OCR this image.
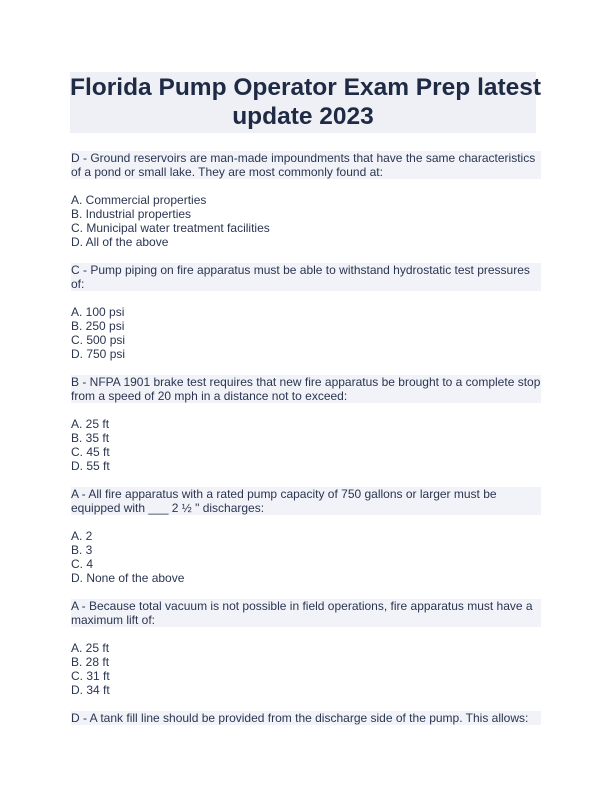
Florida Pump Operator Exam Prep latest
update 2023
D - Ground reservoirs are man-made impoundments that have the same characteristics of a pond or small lake. They are most commonly found at:
A. Commercial properties
B. Industrial properties
C. Municipal water treatment facilities
D. All of the above
C - Pump piping on fire apparatus must be able to withstand hydrostatic test pressures of:
A. 100 psi
B. 250 psi
C. 500 psi
D. 750 psi
B - NFPA 1901 brake test requires that new fire apparatus be brought to a complete stop from a speed of 20 mph in a distance not to exceed:
A. 25 ft
B. 35 ft
C. 45 ft
D. 55 ft
A - All fire apparatus with a rated pump capacity of 750 gallons or larger must be equipped with ___ 2 ½ " discharges:
A. 2
B. 3
C. 4
D. None of the above
A - Because total vacuum is not possible in field operations, fire apparatus must have a maximum lift of:
A. 25 ft
B. 28 ft
C. 31 ft
D. 34 ft
D - A tank fill line should be provided from the discharge side of the pump. This allows:
